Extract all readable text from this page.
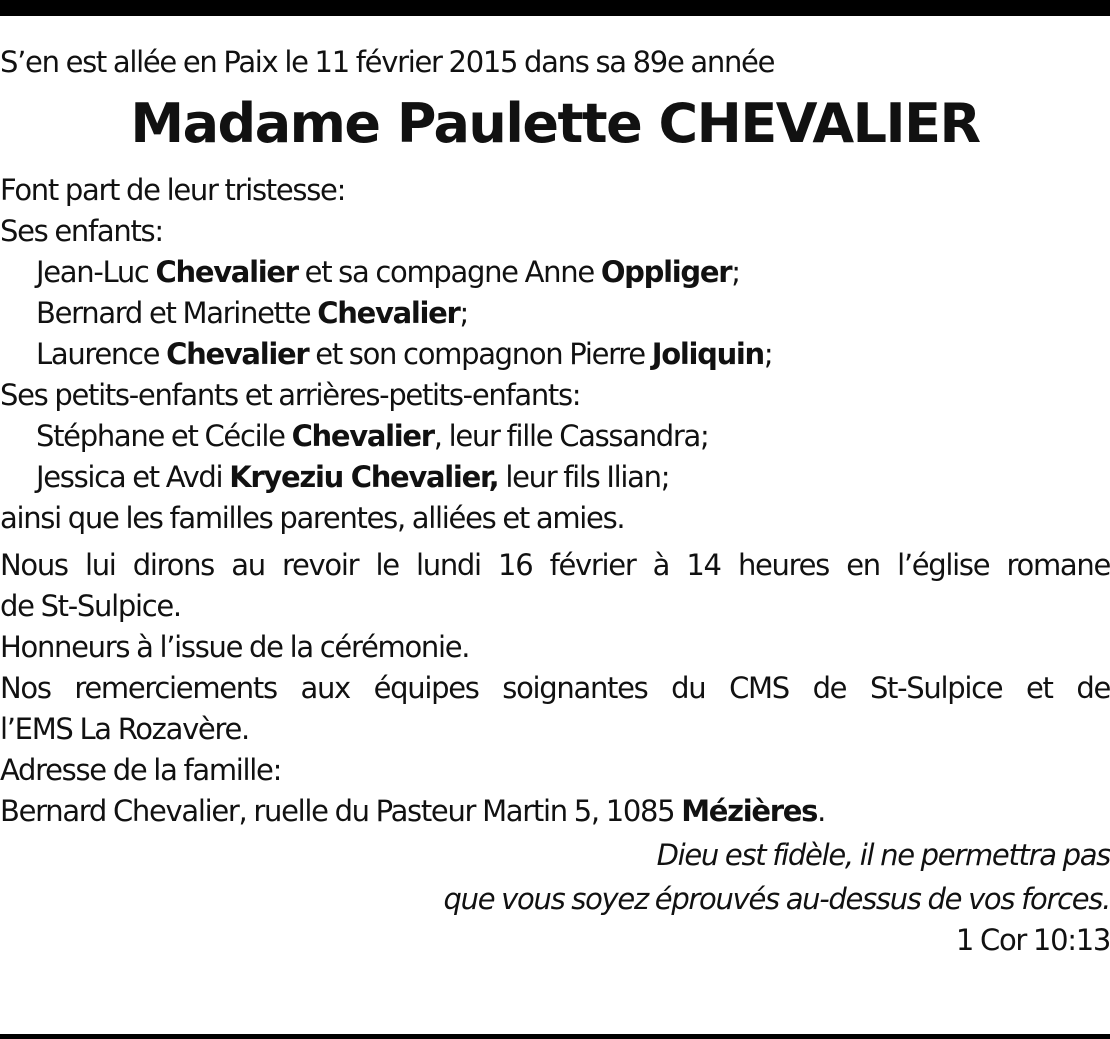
S’en est allée en Paix le 11 février 2015 dans sa 89e année
Madame Paulette CHEVALIER
Font part de leur tristesse:
Ses enfants:
Jean-Luc Chevalier et sa compagne Anne Oppliger;
Bernard et Marinette Chevalier;
Laurence Chevalier et son compagnon Pierre Joliquin;
Ses petits-enfants et arrières-petits-enfants:
Stéphane et Cécile Chevalier, leur fille Cassandra;
Jessica et Avdi Kryeziu Chevalier, leur fils Ilian;
ainsi que les familles parentes, alliées et amies.
Nous lui dirons au revoir le lundi 16 février à 14 heures en l’église romane
de St-Sulpice.
Honneurs à l’issue de la cérémonie.
Nos remerciements aux équipes soignantes du CMS de St-Sulpice et de
l’EMS La Rozavère.
Adresse de la famille:
Bernard Chevalier, ruelle du Pasteur Martin 5, 1085 Mézières.
Dieu est fidèle, il ne permettra pas
que vous soyez éprouvés au-dessus de vos forces.
1 Cor 10:13
